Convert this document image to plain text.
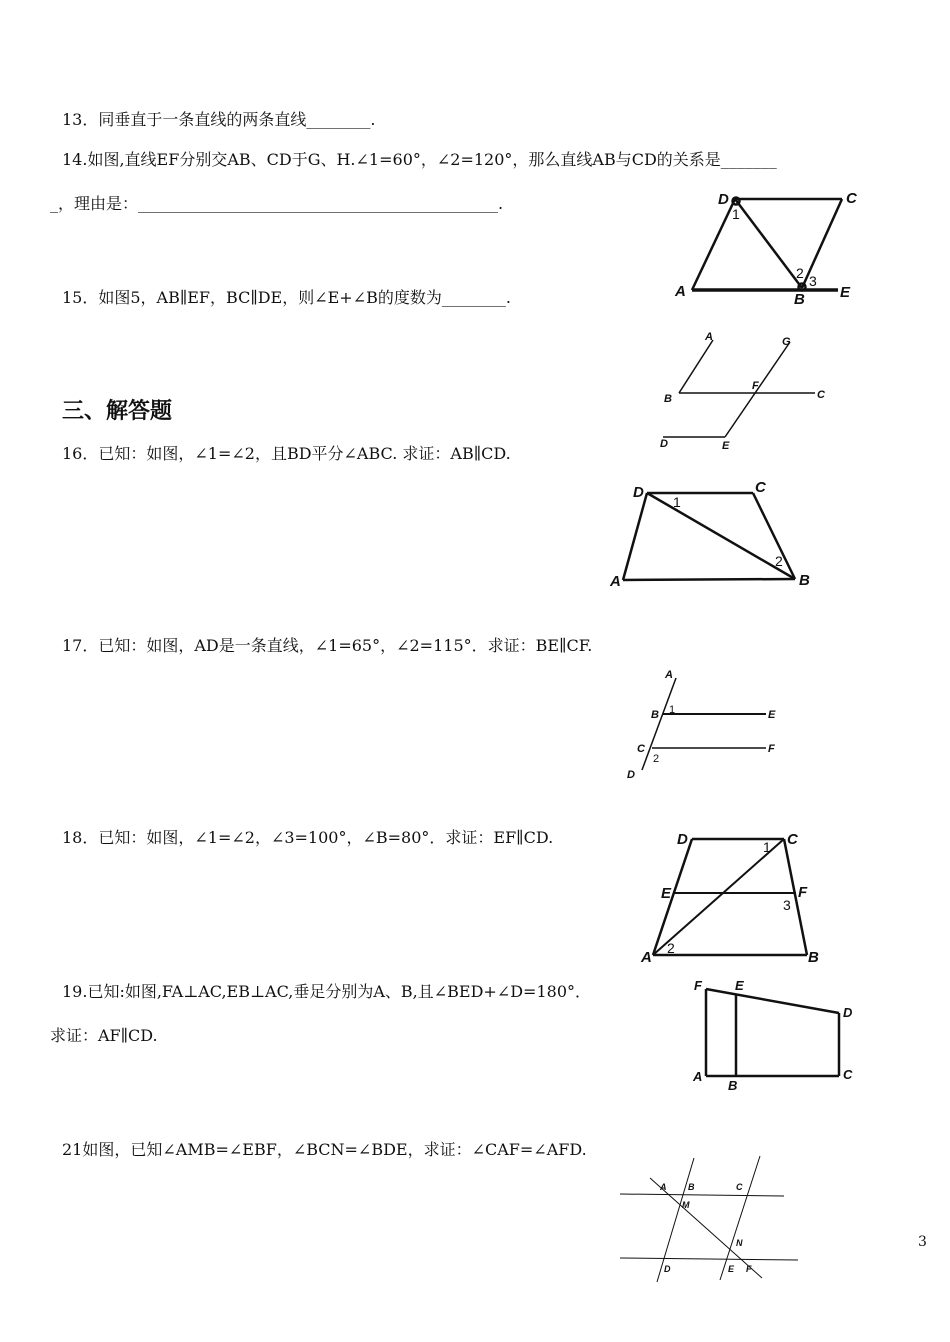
13．同垂直于一条直线的两条直线________.
14.如图,直线EF分别交AB、CD于G、H.∠1=60°，∠2=120°，那么直线AB与CD的关系是_______
_，理由是：_____________________________________________.
15．如图5，AB∥EF，BC∥DE，则∠E+∠B的度数为________.
三、解答题
16．已知：如图，∠1=∠2，且BD平分∠ABC. 求证：AB∥CD.
17．已知：如图，AD是一条直线，∠1=65°，∠2=115°．求证：BE∥CF.
18．已知：如图，∠1=∠2，∠3=100°，∠B=80°．求证：EF∥CD.
19.已知:如图,FA⊥AC,EB⊥AC,垂足分别为A、B,且∠BED+∠D=180°．
求证：AF∥CD.
21如图，已知∠AMB=∠EBF，∠BCN=∠BDE，求证：∠CAF=∠AFD.
3
A	B
C
D
E
1
2 3
A
B	C
D	E
F
G
A	B
C
D
1
2
A
B
C
D
E
F
1
2
D	C
E	F
A	B
1
2
3
F	E
D
C
A
B
A B	C
M
N
D	E F
